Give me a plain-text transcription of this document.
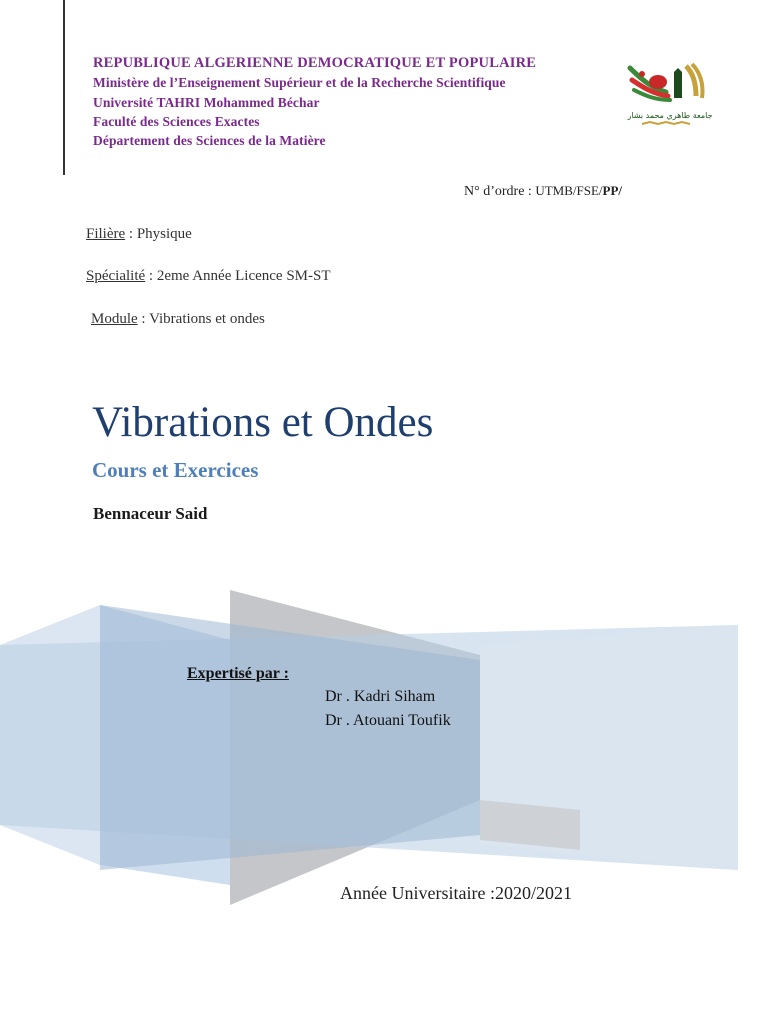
REPUBLIQUE ALGERIENNE DEMOCRATIQUE ET POPULAIRE
Ministère de l’Enseignement Supérieur et de la Recherche Scientifique
Université TAHRI Mohammed Béchar
Faculté des Sciences Exactes
Département des Sciences de la Matière
جامعة طاهري محمد بشار
N° d’ordre : UTMB/FSE/PP/
Filière : Physique
Spécialité : 2eme Année Licence SM-ST
Module : Vibrations et ondes
Vibrations et Ondes
Cours et Exercices
Bennaceur Said
Expertisé par :
Dr . Kadri Siham
Dr . Atouani Toufik
Année Universitaire :2020/2021
